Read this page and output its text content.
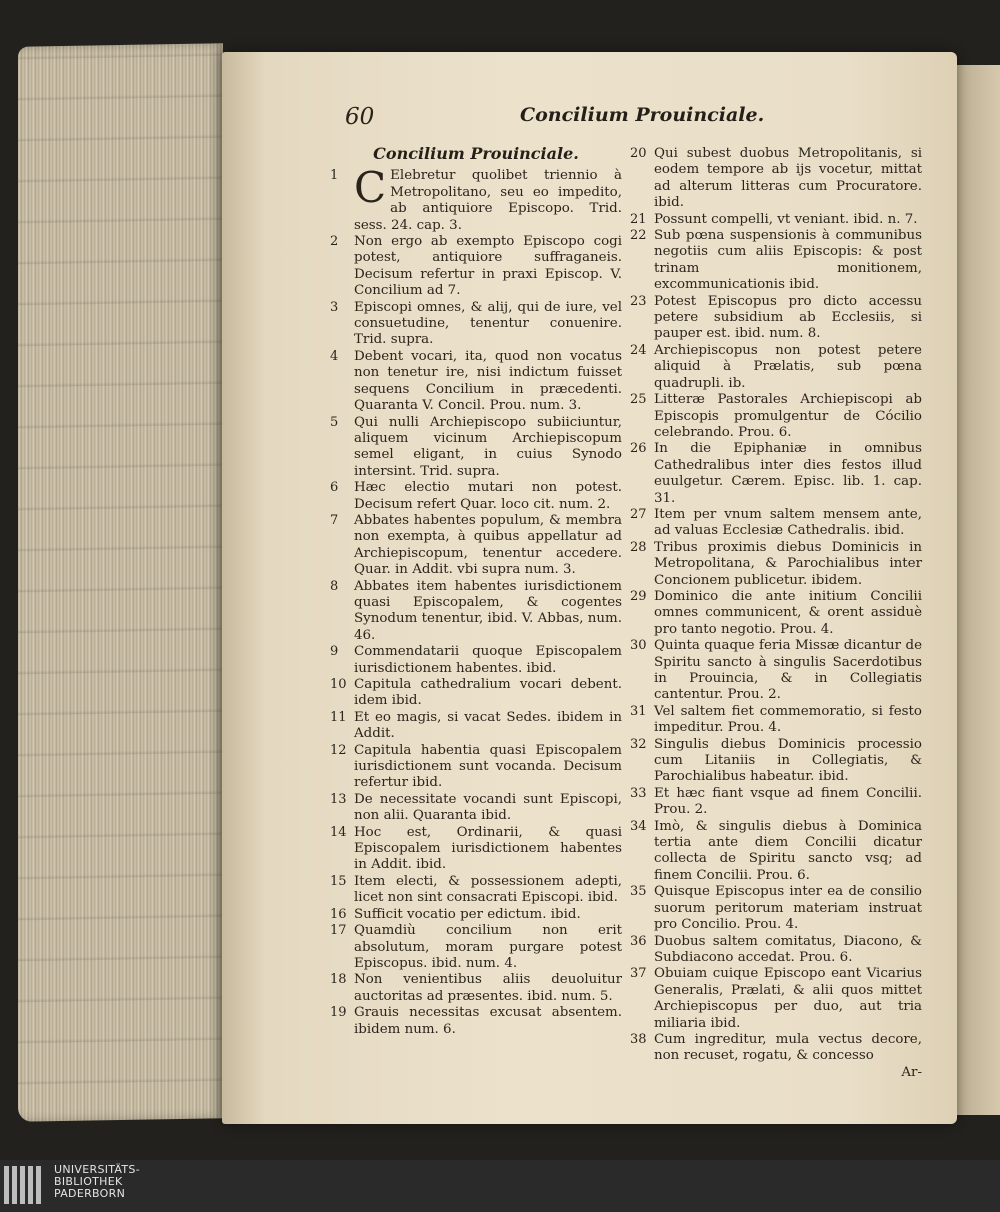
60	Concilium Prouinciale.
Concilium Prouinciale.
1 C Elebretur quolibet triennio à Metropolitano, seu eo impedito, ab antiquiore Episcopo. Trid. sess. 24. cap. 3.
2	Non ergo ab exempto Episcopo cogi potest, antiquiore suffraganeis. Decisum refertur in praxi Episcop. V. Concilium ad 7.
3	Episcopi omnes, & alij, qui de iure, vel consuetudine, tenentur conuenire. Trid. supra.
4	Debent vocari, ita, quod non vocatus non tenetur ire, nisi indictum fuisset sequens Concilium in præcedenti. Quaranta V. Concil. Prou. num. 3.
5	Qui nulli Archiepiscopo subiiciuntur, aliquem vicinum Archiepiscopum semel eligant, in cuius Synodo intersint. Trid. supra.
6	Hæc electio mutari non potest. Decisum refert Quar. loco cit. num. 2.
7	Abbates habentes populum, & membra non exempta, à quibus appellatur ad Archiepiscopum, tenentur accedere. Quar. in Addit. vbi supra num. 3.
8	Abbates item habentes iurisdictionem quasi Episcopalem, & cogentes Synodum tenentur, ibid. V. Abbas, num. 46.
9	Commendatarii quoque Episcopalem iurisdictionem habentes. ibid.
10 Capitula cathedralium vocari debent. idem ibid.
11 Et eo magis, si vacat Sedes. ibidem in Addit.
12 Capitula habentia quasi Episcopalem iurisdictionem sunt vocanda. Decisum refertur ibid.
13 De necessitate vocandi sunt Episcopi, non alii. Quaranta ibid.
14 Hoc est, Ordinarii, & quasi Episcopalem iurisdictionem habentes in Addit. ibid.
15 Item electi, & possessionem adepti, licet non sint consacrati Episcopi. ibid.
16 Sufficit vocatio per edictum. ibid.
17 Quamdiù concilium non erit absolutum, moram purgare potest Episcopus. ibid. num. 4.
18 Non venientibus aliis deuoluitur auctoritas ad præsentes. ibid. num. 5.
19 Grauis necessitas excusat absentem. ibidem num. 6.
20 Qui subest duobus Metropolitanis, si eodem tempore ab ijs vocetur, mittat ad alterum litteras cum Procuratore. ibid.
21 Possunt compelli, vt veniant. ibid. n. 7.
22 Sub pœna suspensionis à communibus negotiis cum aliis Episcopis: & post trinam monitionem, excommunicationis ibid.
23 Potest Episcopus pro dicto accessu petere subsidium ab Ecclesiis, si pauper est. ibid. num. 8.
24 Archiepiscopus non potest petere aliquid à Prælatis, sub pœna quadrupli. ib.
25 Litteræ Pastorales Archiepiscopi ab Episcopis promulgentur de Cócilio celebrando. Prou. 6.
26 In die Epiphaniæ in omnibus Cathedralibus inter dies festos illud euulgetur. Cærem. Episc. lib. 1. cap. 31.
27 Item per vnum saltem mensem ante, ad valuas Ecclesiæ Cathedralis. ibid.
28 Tribus proximis diebus Dominicis in Metropolitana, & Parochialibus inter Concionem publicetur. ibidem.
29 Dominico die ante initium Concilii omnes communicent, & orent assiduè pro tanto negotio. Prou. 4.
30 Quinta quaque feria Missæ dicantur de Spiritu sancto à singulis Sacerdotibus in Prouincia, & in Collegiatis cantentur. Prou. 2.
31 Vel saltem fiet commemoratio, si festo impeditur. Prou. 4.
32 Singulis diebus Dominicis processio cum Litaniis in Collegiatis, & Parochialibus habeatur. ibid.
33 Et hæc fiant vsque ad finem Concilii. Prou. 2.
34 Imò, & singulis diebus à Dominica tertia ante diem Concilii dicatur collecta de Spiritu sancto vsq; ad finem Concilii. Prou. 6.
35 Quisque Episcopus inter ea de consilio suorum peritorum materiam instruat pro Concilio. Prou. 4.
36 Duobus saltem comitatus, Diacono, & Subdiacono accedat. Prou. 6.
37 Obuiam cuique Episcopo eant Vicarius Generalis, Prælati, & alii quos mittet Archiepiscopus per duo, aut tria miliaria ibid.
38 Cum ingreditur, mula vectus decore, non recuset, rogatu, & concesso
Ar-
UNIVERSITÄTS-
BIBLIOTHEK
PADERBORN
